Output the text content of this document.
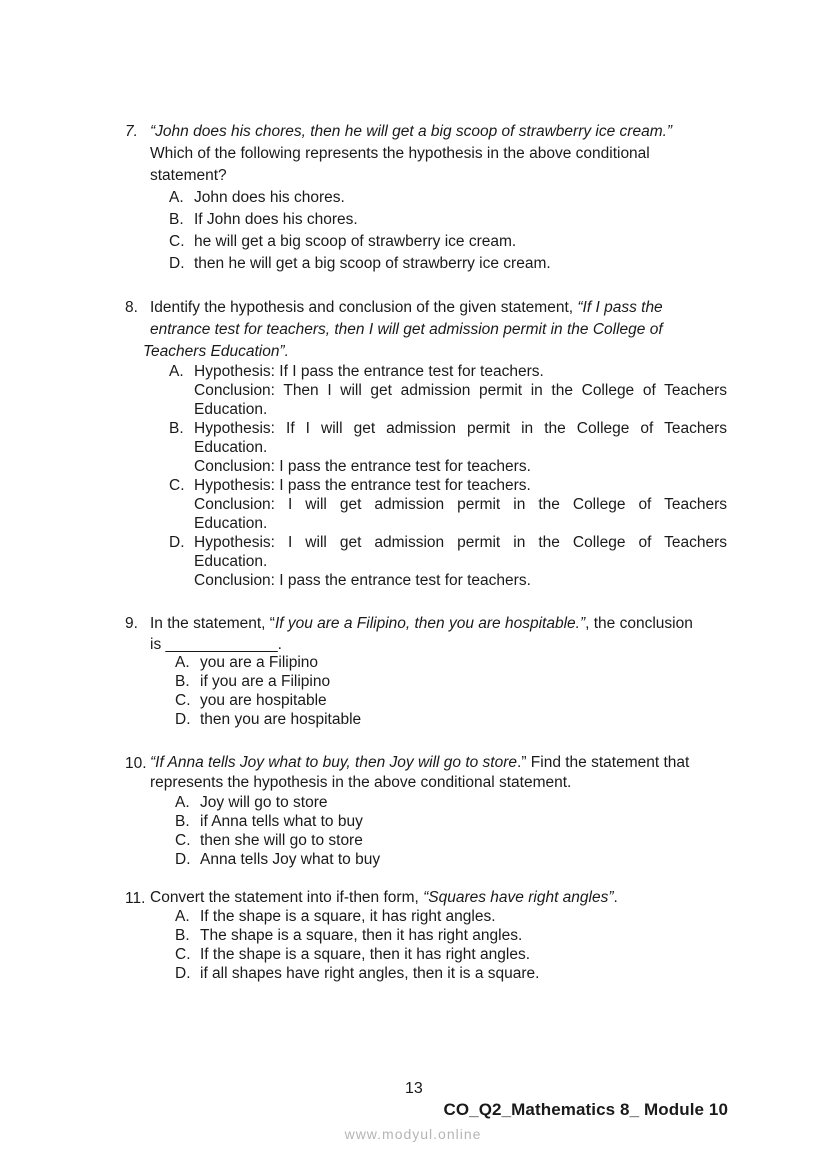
7. “John does his chores, then he will get a big scoop of strawberry ice cream.”
Which of the following represents the hypothesis in the above conditional
statement?
A. John does his chores.
B. If John does his chores.
C. he will get a big scoop of strawberry ice cream.
D. then he will get a big scoop of strawberry ice cream.
8. Identify the hypothesis and conclusion of the given statement, “If I pass the
entrance test for teachers, then I will get admission permit in the College of
Teachers Education”.
A. Hypothesis: If I pass the entrance test for teachers.
Conclusion: Then I will get admission permit in the College of Teachers
Education.
B. Hypothesis: If I will get admission permit in the College of Teachers
Education.
Conclusion: I pass the entrance test for teachers.
C. Hypothesis: I pass the entrance test for teachers.
Conclusion: I will get admission permit in the College of Teachers
Education.
D. Hypothesis: I will get admission permit in the College of Teachers
Education.
Conclusion: I pass the entrance test for teachers.
9. In the statement, “If you are a Filipino, then you are hospitable.”, the conclusion
is _____________.
A. you are a Filipino
B. if you are a Filipino
C. you are hospitable
D. then you are hospitable
10. “If Anna tells Joy what to buy, then Joy will go to store.” Find the statement that
represents the hypothesis in the above conditional statement.
A. Joy will go to store
B. if Anna tells what to buy
C. then she will go to store
D. Anna tells Joy what to buy
11. Convert the statement into if-then form, “Squares have right angles”.
A. If the shape is a square, it has right angles.
B. The shape is a square, then it has right angles.
C. If the shape is a square, then it has right angles.
D. if all shapes have right angles, then it is a square.
13
CO_Q2_Mathematics 8_ Module 10
www.modyul.online
